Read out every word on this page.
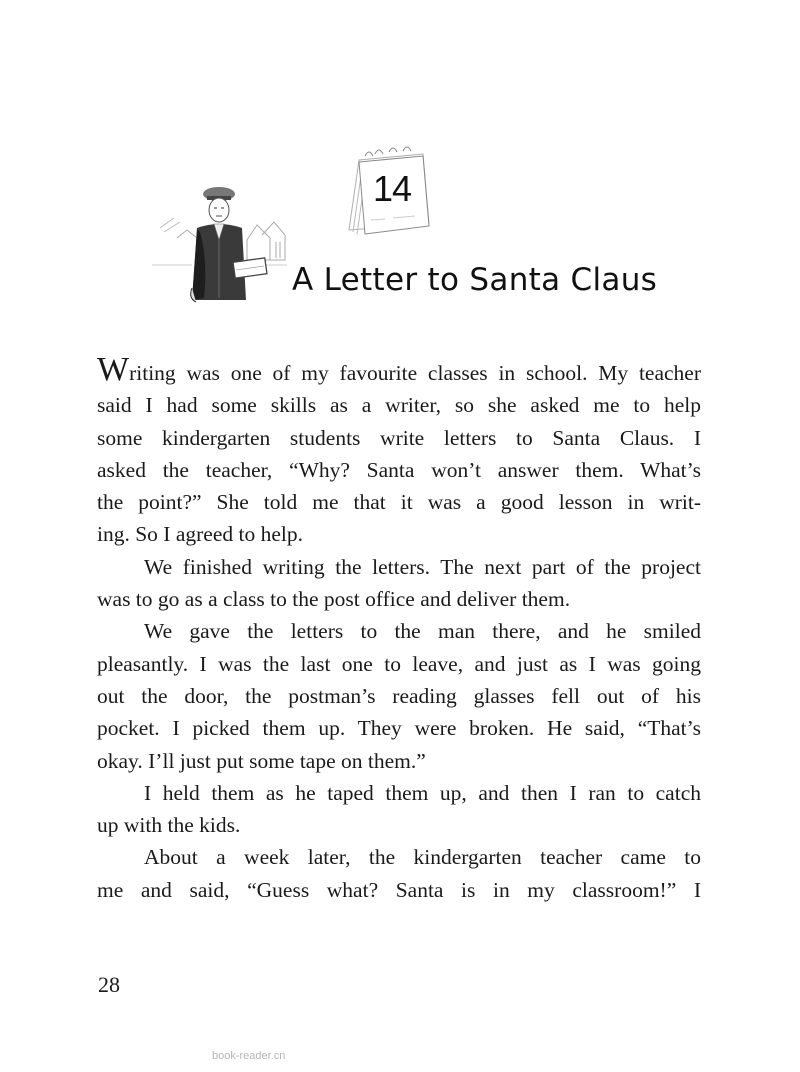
14
A Letter to Santa Claus

Writing was one of my favourite classes in school. My teacher
said I had some skills as a writer, so she asked me to help
some kindergarten students write letters to Santa Claus. I
asked the teacher, “Why? Santa won’t answer them. What’s
the point?” She told me that it was a good lesson in writ-
ing. So I agreed to help.

We finished writing the letters. The next part of the project
was to go as a class to the post office and deliver them.

We gave the letters to the man there, and he smiled
pleasantly. I was the last one to leave, and just as I was going
out the door, the postman’s reading glasses fell out of his
pocket. I picked them up. They were broken. He said, “That’s
okay. I’ll just put some tape on them.”

I held them as he taped them up, and then I ran to catch
up with the kids.

About a week later, the kindergarten teacher came to
me and said, “Guess what? Santa is in my classroom!” I

28
book-reader.cn
